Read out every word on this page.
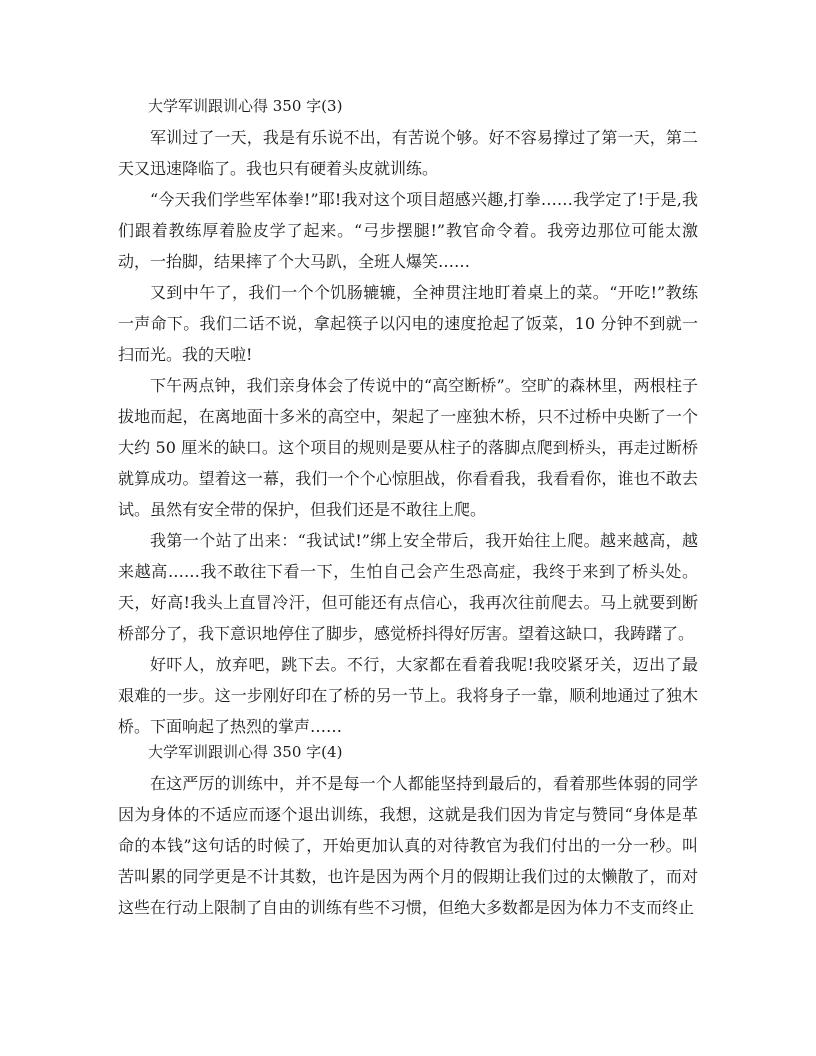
大学军训跟训心得 350 字(3)

军训过了一天，我是有乐说不出，有苦说个够。好不容易撑过了第一天，第二天又迅速降临了。我也只有硬着头皮就训练。

“今天我们学些军体拳!”耶!我对这个项目超感兴趣,打拳……我学定了!于是,我们跟着教练厚着脸皮学了起来。“弓步摆腿!”教官命令着。我旁边那位可能太激动，一抬脚，结果摔了个大马趴，全班人爆笑……

又到中午了，我们一个个饥肠辘辘，全神贯注地盯着桌上的菜。“开吃!”教练一声命下。我们二话不说，拿起筷子以闪电的速度抢起了饭菜，10 分钟不到就一扫而光。我的天啦!

下午两点钟，我们亲身体会了传说中的“高空断桥”。空旷的森林里，两根柱子拔地而起，在离地面十多米的高空中，架起了一座独木桥，只不过桥中央断了一个大约 50 厘米的缺口。这个项目的规则是要从柱子的落脚点爬到桥头，再走过断桥就算成功。望着这一幕，我们一个个心惊胆战，你看看我，我看看你，谁也不敢去试。虽然有安全带的保护，但我们还是不敢往上爬。

我第一个站了出来：“我试试!”绑上安全带后，我开始往上爬。越来越高，越来越高……我不敢往下看一下，生怕自己会产生恐高症，我终于来到了桥头处。天，好高!我头上直冒冷汗，但可能还有点信心，我再次往前爬去。马上就要到断桥部分了，我下意识地停住了脚步，感觉桥抖得好厉害。望着这缺口，我踌躇了。

好吓人，放弃吧，跳下去。不行，大家都在看着我呢!我咬紧牙关，迈出了最艰难的一步。这一步刚好印在了桥的另一节上。我将身子一靠，顺利地通过了独木桥。下面响起了热烈的掌声……

大学军训跟训心得 350 字(4)

在这严厉的训练中，并不是每一个人都能坚持到最后的，看着那些体弱的同学因为身体的不适应而逐个退出训练，我想，这就是我们因为肯定与赞同“身体是革命的本钱”这句话的时候了，开始更加认真的对待教官为我们付出的一分一秒。叫苦叫累的同学更是不计其数，也许是因为两个月的假期让我们过的太懒散了，而对这些在行动上限制了自由的训练有些不习惯，但绝大多数都是因为体力不支而终止
